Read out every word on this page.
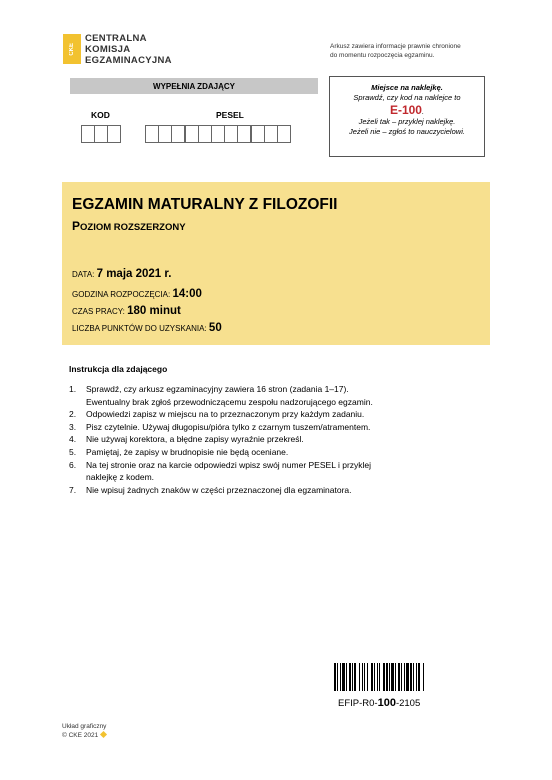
CKE
CENTRALNA
KOMISJA
EGZAMINACYJNA
Arkusz zawiera informacje prawnie chronione
do momentu rozpoczęcia egzaminu.
WYPEŁNIA ZDAJĄCY
KOD	PESEL
Miejsce na naklejkę.
Sprawdź, czy kod na naklejce to
E-100.
Jeżeli tak – przyklej naklejkę.
Jeżeli nie – zgłoś to nauczycielowi.
EGZAMIN MATURALNY Z FILOZOFII
POZIOM ROZSZERZONY
DATA: 7 maja 2021 r.
GODZINA ROZPOCZĘCIA: 14:00
CZAS PRACY: 180 minut
LICZBA PUNKTÓW DO UZYSKANIA: 50
Instrukcja dla zdającego
1.	Sprawdź, czy arkusz egzaminacyjny zawiera 16 stron (zadania 1–17).
Ewentualny brak zgłoś przewodniczącemu zespołu nadzorującego egzamin.
2.	Odpowiedzi zapisz w miejscu na to przeznaczonym przy każdym zadaniu.
3.	Pisz czytelnie. Używaj długopisu/pióra tylko z czarnym tuszem/atramentem.
4.	Nie używaj korektora, a błędne zapisy wyraźnie przekreśl.
5.	Pamiętaj, że zapisy w brudnopisie nie będą oceniane.
6.	Na tej stronie oraz na karcie odpowiedzi wpisz swój numer PESEL i przyklej
naklejkę z kodem.
7.	Nie wpisuj żadnych znaków w części przeznaczonej dla egzaminatora.
EFIP-R0-100-2105
Układ graficzny
© CKE 2021
